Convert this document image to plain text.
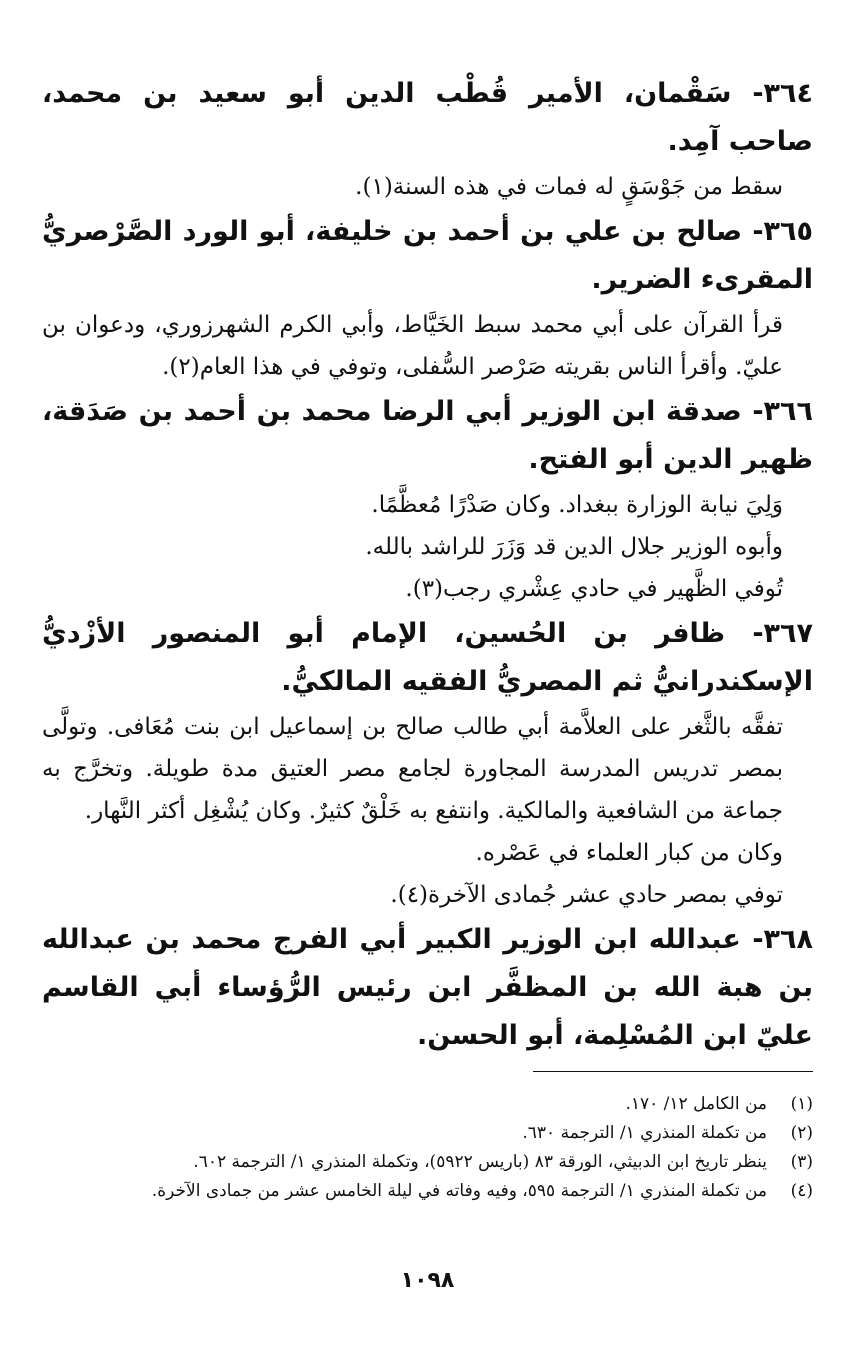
٣٦٤- سَقْمان، الأمير قُطْب الدين أبو سعيد بن محمد، صاحب آمِد.

سقط من جَوْسَقٍ له فمات في هذه السنة(١).

٣٦٥- صالح بن علي بن أحمد بن خليفة، أبو الورد الصَّرْصريُّ المقرىء الضرير.

قرأ القرآن على أبي محمد سبط الخَيَّاط، وأبي الكرم الشهرزوري، ودعوان بن عليّ. وأقرأ الناس بقريته صَرْصر السُّفلى، وتوفي في هذا العام(٢).

٣٦٦- صدقة ابن الوزير أبي الرضا محمد بن أحمد بن صَدَقة، ظهير الدين أبو الفتح.

وَلِيَ نيابة الوزارة ببغداد. وكان صَدْرًا مُعظَّمًا.

وأبوه الوزير جلال الدين قد وَزَرَ للراشد بالله.

تُوفي الظَّهير في حادي عِشْري رجب(٣).

٣٦٧- ظافر بن الحُسين، الإمام أبو المنصور الأزْديُّ الإسكندرانيُّ ثم المصريُّ الفقيه المالكيُّ.

تفقَّه بالثَّغر على العلاَّمة أبي طالب صالح بن إسماعيل ابن بنت مُعَافى. وتولَّى بمصر تدريس المدرسة المجاورة لجامع مصر العتيق مدة طويلة. وتخرَّج به جماعة من الشافعية والمالكية. وانتفع به خَلْقٌ كثيرٌ. وكان يُشْغِل أكثر النَّهار.

وكان من كبار العلماء في عَصْره.

توفي بمصر حادي عشر جُمادى الآخرة(٤).

٣٦٨- عبدالله ابن الوزير الكبير أبي الفرج محمد بن عبدالله بن هبة الله بن المظفَّر ابن رئيس الرُّؤساء أبي القاسم عليّ ابن المُسْلِمة، أبو الحسن.

(١)
من الكامل ١٢/ ١٧٠.
(٢)
من تكملة المنذري ١/ الترجمة ٦٣٠.
(٣)
ينظر تاريخ ابن الدبيثي، الورقة ٨٣ (باريس ٥٩٢٢)، وتكملة المنذري ١/ الترجمة ٦٠٢.
(٤)
من تكملة المنذري ١/ الترجمة ٥٩٥، وفيه وفاته في ليلة الخامس عشر من جمادى الآخرة.
١٠٩٨
